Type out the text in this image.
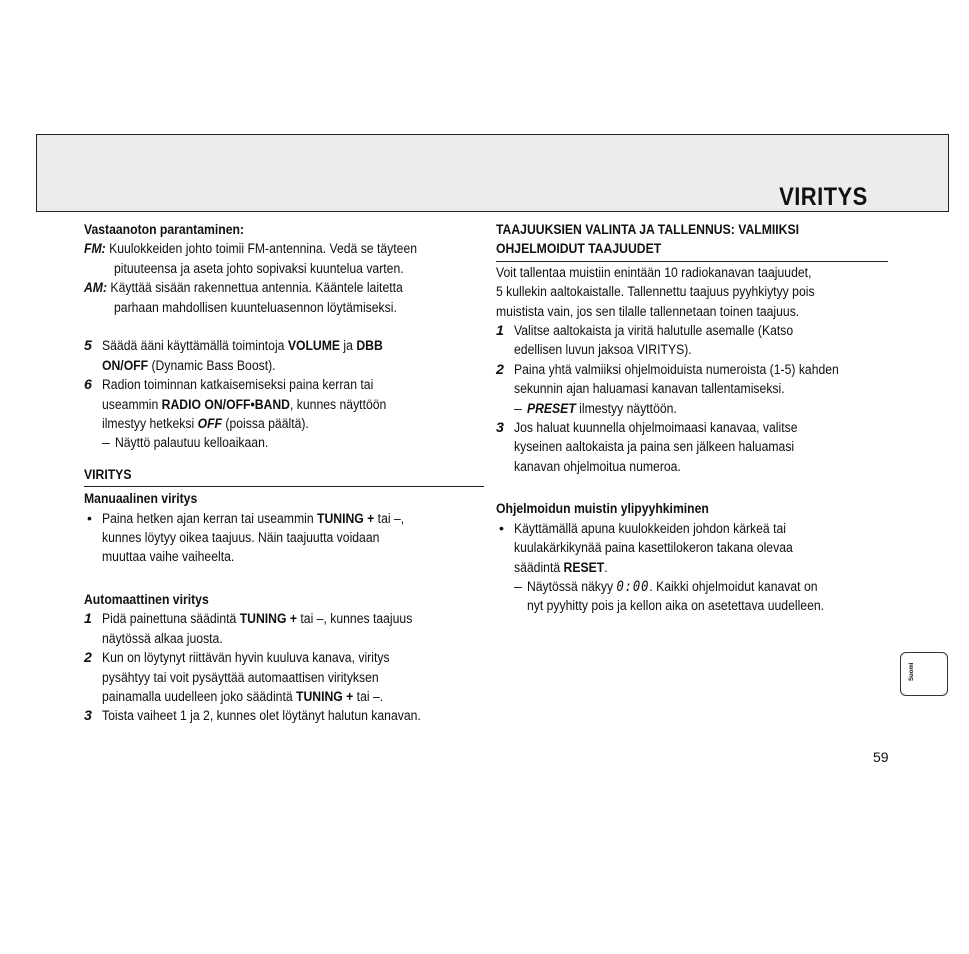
VIRITYS
Vastaanoton parantaminen:
FM: Kuulokkeiden johto toimii FM-antennina. Vedä se täyteen
pituuteensa ja aseta johto sopivaksi kuuntelua varten.
AM: Käyttää sisään rakennettua antennia. Kääntele laitetta
parhaan mahdollisen kuunteluasennon löytämiseksi.
5 Säädä ääni käyttämällä toimintoja VOLUME ja DBB
ON/OFF (Dynamic Bass Boost).
6 Radion toiminnan katkaisemiseksi paina kerran tai
useammin RADIO ON/OFF•BAND, kunnes näyttöön
ilmestyy hetkeksi OFF (poissa päältä).
– Näyttö palautuu kelloaikaan.
VIRITYS
Manuaalinen viritys
• Paina hetken ajan kerran tai useammin TUNING + tai –,
kunnes löytyy oikea taajuus. Näin taajuutta voidaan
muuttaa vaihe vaiheelta.
Automaattinen viritys
1 Pidä painettuna säädintä TUNING + tai –, kunnes taajuus
näytössä alkaa juosta.
2 Kun on löytynyt riittävän hyvin kuuluva kanava, viritys
pysähtyy tai voit pysäyttää automaattisen virityksen
painamalla uudelleen joko säädintä TUNING + tai –.
3 Toista vaiheet 1 ja 2, kunnes olet löytänyt halutun kanavan.
TAAJUUKSIEN VALINTA JA TALLENNUS: VALMIIKSI
OHJELMOIDUT TAAJUUDET
Voit tallentaa muistiin enintään 10 radiokanavan taajuudet,
5 kullekin aaltokaistalle. Tallennettu taajuus pyyhkiytyy pois
muistista vain, jos sen tilalle tallennetaan toinen taajuus.
1 Valitse aaltokaista ja viritä halutulle asemalle (Katso
edellisen luvun jaksoa VIRITYS).
2 Paina yhtä valmiiksi ohjelmoiduista numeroista (1-5) kahden
sekunnin ajan haluamasi kanavan tallentamiseksi.
– PRESET ilmestyy näyttöön.
3 Jos haluat kuunnella ohjelmoimaasi kanavaa, valitse
kyseinen aaltokaista ja paina sen jälkeen haluamasi
kanavan ohjelmoitua numeroa.
Ohjelmoidun muistin ylipyyhkiminen
• Käyttämällä apuna kuulokkeiden johdon kärkeä tai
kuulakärkikynää paina kasettilokeron takana olevaa
säädintä RESET.
– Näytössä näkyy 0:00. Kaikki ohjelmoidut kanavat on
nyt pyyhitty pois ja kellon aika on asetettava uudelleen.
Suomi
59
